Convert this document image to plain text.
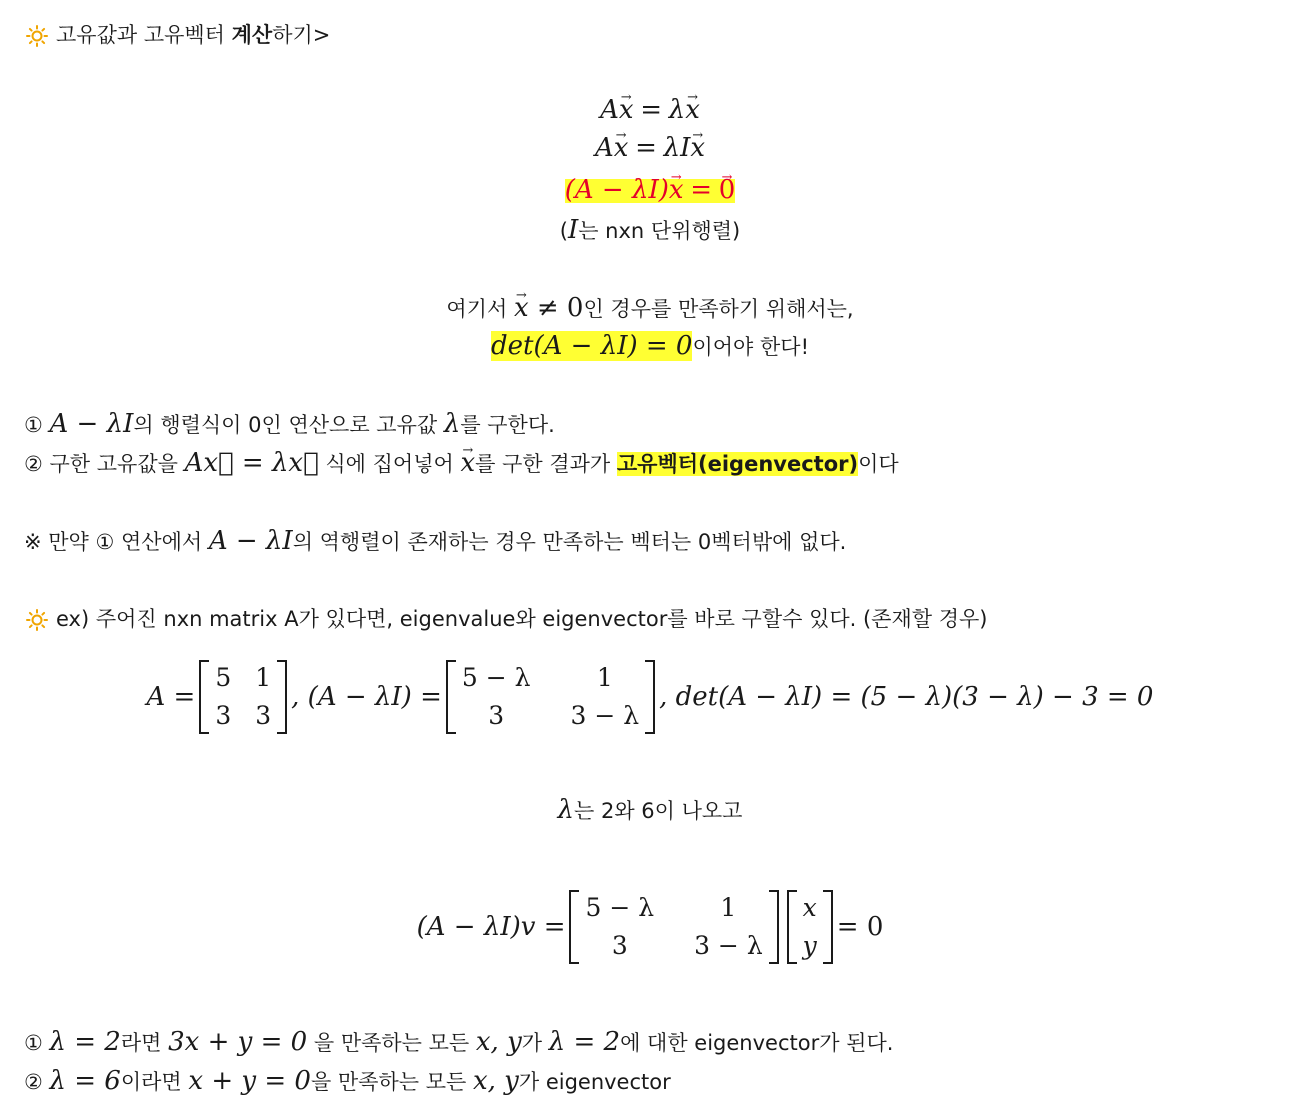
고유값과 고유벡터 계산하기>
A→ x = λ→ x
A→ x = λI→ x
(A − λI)→ x = → 0
(I는 nxn 단위행렬)
여기서 → x ≠ 0인 경우를 만족하기 위해서는,
det(A − λI) = 0이어야 한다!
① A − λI의 행렬식이 0인 연산으로 고유값 λ를 구한다.
② 구한 고유값을 Ax⃗ = λx⃗ 식에 집어넣어 → x를 구한 결과가 고유벡터(eigenvector)이다
※ 만약 ① 연산에서 A − λI의 역행렬이 존재하는 경우 만족하는 벡터는 0벡터밖에 없다.
ex) 주어진 nxn matrix A가 있다면, eigenvalue와 eigenvector를 바로 구할수 있다. (존재할 경우)
A =
5 1
3 3
, (A − λI) =
5 − λ	1
3	3 − λ
, det(A − λI) = (5 − λ)(3 − λ) − 3 = 0
λ는 2와 6이 나오고
(A − λI)v =
5 − λ	1
3	3 − λ
x
y
= 0
① λ = 2라면 3x + y = 0 을 만족하는 모든 x, y가 λ = 2에 대한 eigenvector가 된다.
② λ = 6이라면 x + y = 0을 만족하는 모든 x, y가 eigenvector
